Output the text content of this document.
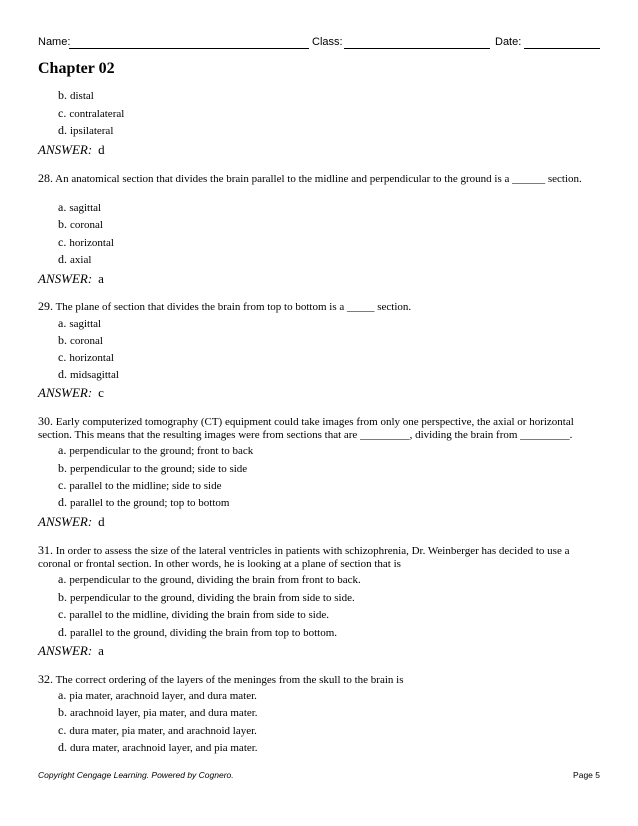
Name:	Class:	Date:
Chapter 02
b. distal
c. contralateral
d. ipsilateral
ANSWER: d
28. An anatomical section that divides the brain parallel to the midline and perpendicular to the ground is a ______ section.
a. sagittal
b. coronal
c. horizontal
d. axial
ANSWER: a
29. The plane of section that divides the brain from top to bottom is a _____ section.
a. sagittal
b. coronal
c. horizontal
d. midsagittal
ANSWER: c
30. Early computerized tomography (CT) equipment could take images from only one perspective, the axial or horizontal section. This means that the resulting images were from sections that are _________, dividing the brain from _________.
a. perpendicular to the ground; front to back
b. perpendicular to the ground; side to side
c. parallel to the midline; side to side
d. parallel to the ground; top to bottom
ANSWER: d
31. In order to assess the size of the lateral ventricles in patients with schizophrenia, Dr. Weinberger has decided to use a coronal or frontal section. In other words, he is looking at a plane of section that is
a. perpendicular to the ground, dividing the brain from front to back.
b. perpendicular to the ground, dividing the brain from side to side.
c. parallel to the midline, dividing the brain from side to side.
d. parallel to the ground, dividing the brain from top to bottom.
ANSWER: a
32. The correct ordering of the layers of the meninges from the skull to the brain is
a. pia mater, arachnoid layer, and dura mater.
b. arachnoid layer, pia mater, and dura mater.
c. dura mater, pia mater, and arachnoid layer.
d. dura mater, arachnoid layer, and pia mater.
Copyright Cengage Learning. Powered by Cognero.	Page 5
